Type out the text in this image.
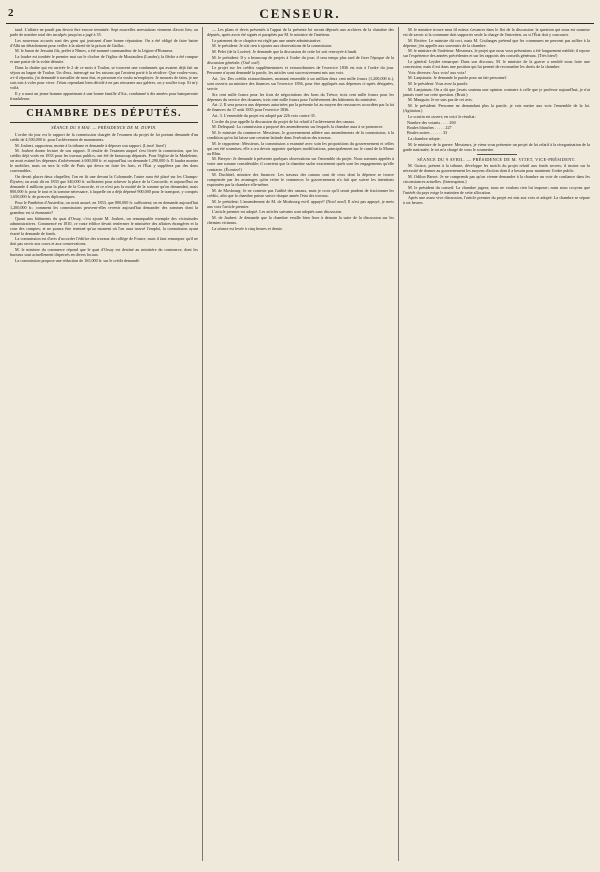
2	CENSEUR.

taud. L'affaire ne paraît pas devoir être encore terminée. Sept nouvelles arrestations viennent d'avoir lieu; on parle de nombre total des inculpés jusqu'on a jugé à 35.

Les nouveaux accusés sont des gens qui jouissent d'une bonne réputation. On a été obligé de faire battre d'Albi un détachement pour veiller à la sûreté de la prison de Gaillac.

M. le baron de Jessaint fils, préfet à Nîmes, a été nommé commandeur de la Légion-d'Honneur.

La foudre est tombée le premier mai sur le clocher de l'église de Moutaulieu (Landes); la flèche a été rompue et une partie de la voûte détruite.

Dans la chaîne qui est arrivée le 2 de ce mois à Toulon, se trouvent une condamnés qui avaient déjà fait un séjour au bagne de Toulon. Un d'eux, interrogé sur les raisons qui l'avaient porté à la récidive: Que voulez-vous, a-t-il répondu, j'ai demandé à travailler de mon état, et personne n'a voulu m'employer. Je mourais de faim, je me suis mis à voler pour vivre. J'étais cependant bien décidé à ne pas retourner aux galères, on y souffre trop. Et m'y voilà.

Il y a aussi un jeune homme appartenant à une bonne famille d'Aix, condamné à dix années pour banqueroute frauduleuse.

CHAMBRE DES DÉPUTÉS.
SÉANCE DU 8 MAI. — PRÉSIDENCE DE M. DUPIN.

L'ordre du jour est le rapport de la commission chargée de l'examen du projet de loi portant demande d'un crédit de 4,500,000 fr. pour l'achèvement de monuments.

M. Joubert, rapporteur, monte à la tribune et demande à déposer son rapport. (Lisez! lisez!)

M. Joubert donne lecture de son rapport. Il résulte de l'examen auquel s'est livrée la commission, que les crédits déjà votés en 1833 pour les travaux publics, ont été de beaucoup dépassés. Pour l'église de la Madeleine, on avait estimé les dépenses d'achèvement à 600,000 fr. et aujourd'hui on demande 1,290,000 fr. Il faudra monter le mobilier, mais on sera la ville de Paris qui devra en faire les frais, et l'État y suppléera par des dons convenables.

On devait placer deux chapelles; l'on en fit une devant la Colonnade, l'autre aura été placé sur les Champs-Élysées; on avait dit en 1833 que 340,000 fr. suffiraient pour achever la place de la Concorde, et aujourd'hui on demande 4 millions pour la place de la Concorde, et ce n'est pas la moitié de la somme qu'on demandait, mais 800,000 fr. pour le tout et la somme nécessaire, à laquelle on a déjà dépensé 900,000 pour le transport, y compris 1,650,000 fr. de preuves diplomatiques.

Pour le Panthéon d'Austerlitz, on avait assuré, en 1833, que 800,000 fr. suffiraient; on en demande aujourd'hui 1,200,000 fr.; comment les commissions peuvent-elles revenir aujourd'hui demander des sommes dont la grandeur est si étonnante?

Quant aux bâtiments du quai d'Orsay, c'est ajoute M. Joubert, un remarquable exemple des vicissitudes administratives. Commencé en 1810, ce vaste édifice devait renfermer le ministère des affaires étrangères et la cour des comptes; et ne pourra être terminé qu'au moment où l'on aura trouvé l'emploi, la commission ayant écarté la demande de fonds.

La commission est d'avis d'accorder l'édifice des travaux du collège de France, mais il faut remarquer qu'il ne doit pas servir aux cours et aux conservations.

M. le ministre du commerce répond que le quai d'Orsay est destiné au ministère du commerce, dont les bureaux sont actuellement dispersés en divers locaux.

La commission propose une réduction de 165,000 fr. sur le crédit demandé.

— Les plans et devis présentés à l'appui de la présente loi seront déposés aux archives de la chambre des députés, après avoir été signés et paraphés par M. le ministre de l'intérieur.

Le paiement de ce chapitre est réglé par une année administrative.

M. le président: Je n'ai rien à ajouter aux observations de la commission.

M. Pelet (de la Lozère): Je demande que la discussion de cette loi soit renvoyée à lundi.

M. le président: Il y a beaucoup de projets à l'ordre du jour; il sera temps plus tard de fixer l'époque de la discussion générale. (Oui! oui!)

Le projet sur les crédits supplémentaires et extraordinaires de l'exercice 1836 est mis à l'ordre du jour. Personne n'ayant demandé la parole, les articles sont successivement mis aux voix.

Art. 1er. Des crédits extraordinaires, montant ensemble à un million deux cent mille francs (1,200,000 fr.), sont ouverts au ministre des finances sur l'exercice 1836, pour être appliqués aux dépenses ci-après désignées, savoir:

Six cent mille francs pour les frais de négociations des bons du Trésor; trois cent mille francs pour les dépenses du service des douanes; trois cent mille francs pour l'achèvement des bâtiments du ministère.

Art. 2. Il sera pourvu aux dépenses autorisées par la présente loi au moyen des ressources accordées par la loi de finances du 17 août 1835 pour l'exercice 1836.

Art. 3. L'ensemble du projet est adopté par 226 voix contre 35.

L'ordre du jour appelle la discussion du projet de loi relatif à l'achèvement des canaux.

M. Delespaul: La commission a proposé des amendements sur lesquels la chambre aura à se prononcer.

M. le ministre du commerce: Messieurs, le gouvernement adhère aux amendements de la commission, à la condition qu'on lui laisse une certaine latitude dans l'exécution des travaux.

M. le rapporteur: Messieurs, la commission a examiné avec soin les propositions du gouvernement et celles qui ont été soumises; elle a cru devoir apporter quelques modifications, principalement sur le canal de la Marne au Rhin.

M. Berryer: Je demande à présenter quelques observations sur l'ensemble du projet. Nous sommes appelés à voter une somme considérable; il convient que la chambre sache exactement quels sont les engagements qu'elle contracte. (Écoutez!)

M. Duchâtel, ministre des finances: Les travaux des canaux sont de ceux dont la dépense se trouve compensée par les avantages qu'en retire le commerce; le gouvernement n'a fait que suivre les intentions exprimées par la chambre elle-même.

M. de Mosbourg: Je ne conteste pas l'utilité des canaux, mais je crois qu'il serait prudent de fractionner les crédits, afin que la chambre puisse suivre chaque année l'état des travaux.

M. le président: L'amendement de M. de Mosbourg est-il appuyé? (Non! non!) Il n'est pas appuyé, je mets aux voix l'article premier.

L'article premier est adopté. Les articles suivants sont adoptés sans discussion.

M. de Jaubert: Je demande que la chambre veuille bien fixer à demain la suite de la discussion sur les chemins vicinaux.

La séance est levée à cinq heures et demie.

M. le ministre trouve mon fil mieux s'avancer dans le flot de la discussion: la question qui nous est soumise est de savoir si la commune doit supporter seule la charge de l'entretien, ou si l'État doit y concourir.

M. Rivière: Le ministre dit ceci, mais M. Coulanges prétend que les communes ne peuvent pas suffire à la dépense; j'en appelle aux souvenirs de la chambre.

M. le ministre de l'intérieur: Messieurs, le projet que nous vous présentons a été longuement médité; il repose sur l'expérience des années précédentes et sur les rapports des conseils généraux. (Très bien!)

Le général Leydet remarque: Dans son discours, M. le ministre de la guerre a semblé nous faire une concession; mais il est dans une position qui lui permet de reconnaître les droits de la chambre.

Voix diverses: Aux voix! aux voix!

M. Lanjuinais: Je demande la parole pour un fait personnel.

M. le président: Vous avez la parole.

M. Lanjuinais: On a dit que j'avais soutenu une opinion contraire à celle que je professe aujourd'hui; je n'ai jamais varié sur cette question. (Bruit.)

M. Mauguin: Je ne suis pas de cet avis.

M. le président: Personne ne demandant plus la parole, je vais mettre aux voix l'ensemble de la loi. (Agitation.)

Le scrutin est ouvert; en voici le résultat:

Nombre des votants . . . . 260
Boules blanches . . . . . 227
Boules noires . . . . . . 33

La chambre adopte.

M. le ministre de la guerre: Messieurs, je viens vous présenter un projet de loi relatif à la réorganisation de la garde nationale; le roi m'a chargé de vous le soumettre.

SÉANCE DU 9 AVRIL. — PRÉSIDENCE DE M. VITET, VICE-PRÉSIDENT.

M. Guizot, présent à la tribune, développe les motifs du projet relatif aux fonds secrets; il insiste sur la nécessité de donner au gouvernement les moyens d'action dont il a besoin pour maintenir l'ordre public.

M. Odilon Barrot: Je ne comprends pas qu'on vienne demander à la chambre un vote de confiance dans les circonstances actuelles. (Interruption.)

M. le président du conseil: La chambre jugera; nous ne voulons rien lui imposer; mais nous croyons que l'intérêt du pays exige le maintien de cette allocation.

Après une assez vive discussion, l'article premier du projet est mis aux voix et adopté. La chambre se sépare à six heures.
